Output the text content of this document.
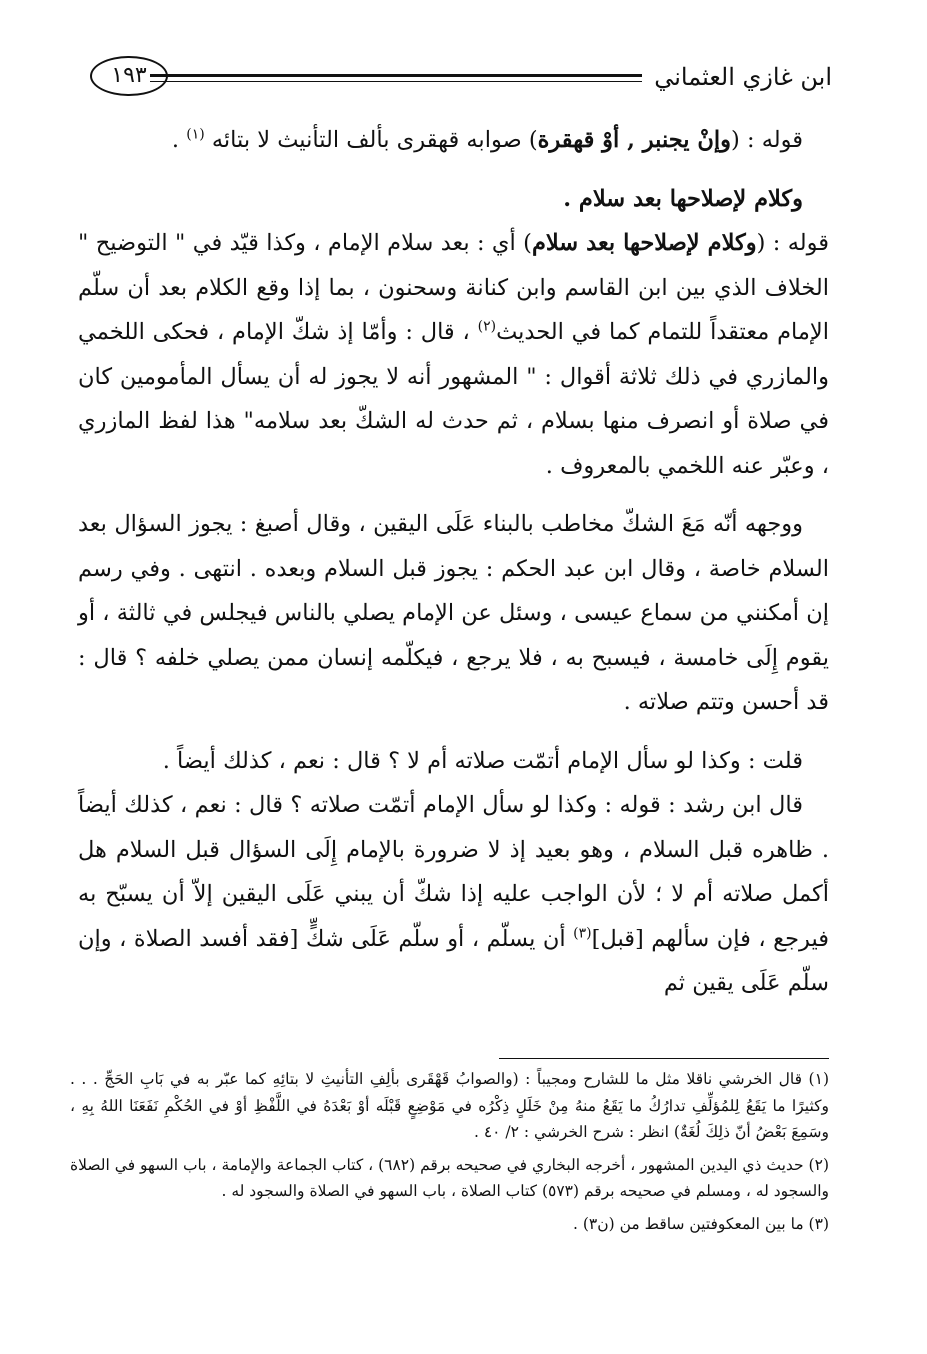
١٩٣	ابن غازي العثماني

قوله : (وإنْ يجنبر , أوْ قهقرة) صوابه قهقرى بألف التأنيث لا بتائه $^{(١)}$ .

وكلام لإصلاحها بعد سلام .

قوله : (وكلام لإصلاحها بعد سلام) أي : بعد سلام الإمام ، وكذا قيّد في " التوضيح " الخلاف الذي بين ابن القاسم وابن كنانة وسحنون ، بما إذا وقع الكلام بعد أن سلّم الإمام معتقداً للتمام كما في الحديث$^{(٢)}$ ، قال : وأمّا إذ شكّ الإمام ، فحكى اللخمي والمازري في ذلك ثلاثة أقوال : " المشهور أنه لا يجوز له أن يسأل المأمومين كان في صلاة أو انصرف منها بسلام ، ثم حدث له الشكّ بعد سلامه" هذا لفظ المازري ، وعبّر عنه اللخمي بالمعروف .

ووجهه أنّه مَعَ الشكّ مخاطب بالبناء عَلَى اليقين ، وقال أصبغ : يجوز السؤال بعد السلام خاصة ، وقال ابن عبد الحكم : يجوز قبل السلام وبعده . انتهى . وفي رسم إن أمكنني من سماع عيسى ، وسئل عن الإمام يصلي بالناس فيجلس في ثالثة ، أو يقوم إِلَى خامسة ، فيسبح به ، فلا يرجع ، فيكلّمه إنسان ممن يصلي خلفه ؟ قال : قد أحسن وتتم صلاته .

قلت : وكذا لو سأل الإمام أتمّت صلاته أم لا ؟ قال : نعم ، كذلك أيضاً .

قال ابن رشد : قوله : وكذا لو سأل الإمام أتمّت صلاته ؟ قال : نعم ، كذلك أيضاً . ظاهره قبل السلام ، وهو بعيد إذ لا ضرورة بالإمام إِلَى السؤال قبل السلام هل أكمل صلاته أم لا ؛ لأن الواجب عليه إذا شكّ أن يبني عَلَى اليقين إلاّ أن يسبّح به فيرجع ، فإن سألهم [قبل]$^{(٣)}$ أن يسلّم ، أو سلّم عَلَى شكٍّ [فقد أفسد الصلاة ، وإن سلّم عَلَى يقين ثم

(١) قال الخرشي ناقلا مثل ما للشارح ومجيباً : (والصوابُ قَهْقَرى بألِفِ التأنيثِ لا بتائِهِ كما عبّر به في بَابِ الحَجِّ . . . وكثيرًا ما يَقَعُ لِلمُؤلِّفِ تدارُكُ ما يَقَعُ منهُ مِنْ خَلَلٍ ذِكْرُه في مَوْضِعٍ قَبْلَه أوْ بَعْدَهُ في اللَّفْظِ أوْ في الحُكْمِ نَفَعَنَا اللهُ بِهِ ، وسَمِعَ بَعْضُ أنّ ذلِكَ لُغَةٌ) انظر : شرح الخرشي : ٢/ ٤٠ .

(٢) حديث ذي اليدين المشهور ، أخرجه البخاري في صحيحه برقم (٦٨٢) ، كتاب الجماعة والإمامة ، باب السهو في الصلاة والسجود له ، ومسلم في صحيحه برقم (٥٧٣) كتاب الصلاة ، باب السهو في الصلاة والسجود له .

(٣) ما بين المعكوفتين ساقط من (ن٣) .
